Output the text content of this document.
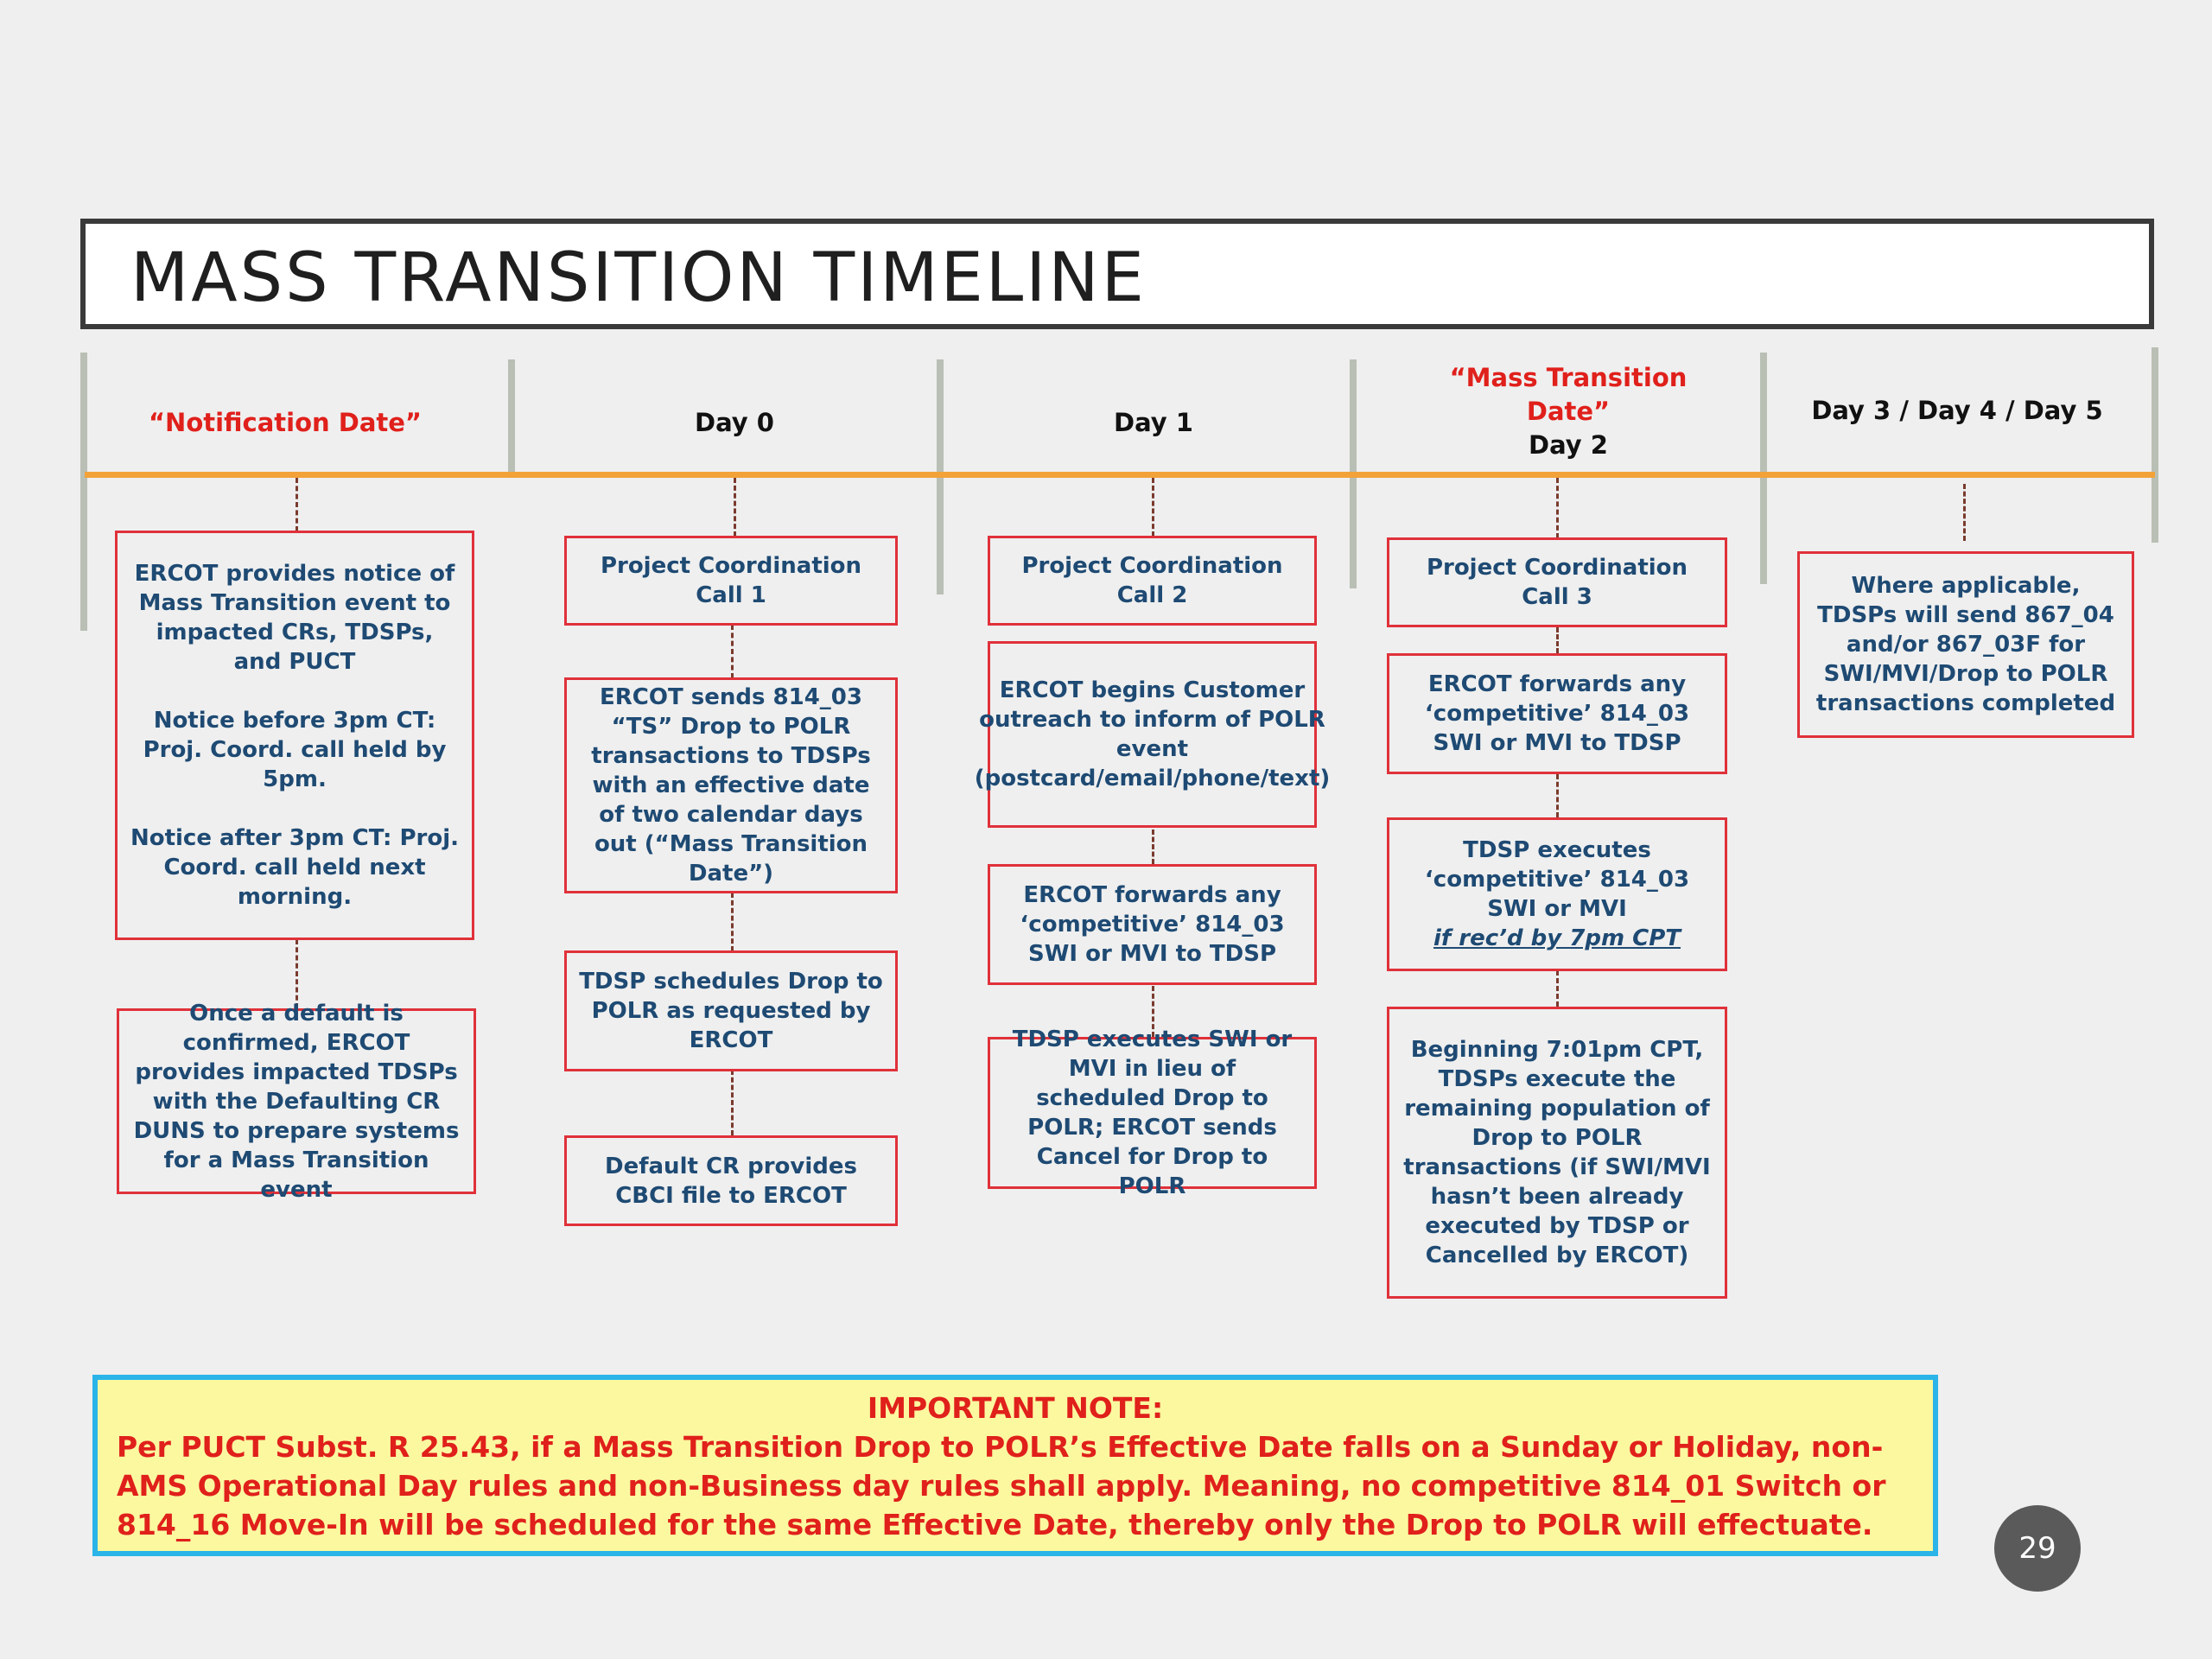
MASS TRANSITION TIMELINE
“Notification Date”	Day 0	Day 1
“Mass Transition Date”
Day 2
Day 3 / Day 4 / Day 5
ERCOT provides notice of Mass Transition event to impacted CRs, TDSPs, and PUCT

Notice before 3pm CT: Proj. Coord. call held by 5pm.

Notice after 3pm CT: Proj. Coord. call held next morning.
Once a default is confirmed, ERCOT provides impacted TDSPs with the Defaulting CR DUNS to prepare systems for a Mass Transition event
Project Coordination Call 1
ERCOT sends 814_03 “TS” Drop to POLR transactions to TDSPs with an effective date of two calendar days out (“Mass Transition Date”)
TDSP schedules Drop to POLR as requested by ERCOT
Default CR provides CBCI file to ERCOT
Project Coordination Call 2
ERCOT begins Customer outreach to inform of POLR event (postcard/email/phone/text)
ERCOT forwards any ‘competitive’ 814_03 SWI or MVI to TDSP
TDSP executes SWI or MVI in lieu of scheduled Drop to POLR; ERCOT sends Cancel for Drop to POLR
Project Coordination Call 3
ERCOT forwards any ‘competitive’ 814_03 SWI or MVI to TDSP

TDSP executes ‘competitive’ 814_03 SWI or MVI

if rec’d by 7pm CPT

Beginning 7:01pm CPT, TDSPs execute the remaining population of Drop to POLR transactions (if SWI/MVI hasn’t been already executed by TDSP or Cancelled by ERCOT)
Where applicable, TDSPs will send 867_04 and/or 867_03F for SWI/MVI/Drop to POLR transactions completed
IMPORTANT NOTE:
Per PUCT Subst. R 25.43, if a Mass Transition Drop to POLR’s Effective Date falls on a Sunday or Holiday, non-AMS Operational Day rules and non-Business day rules shall apply. Meaning, no competitive 814_01 Switch or 814_16 Move-In will be scheduled for the same Effective Date, thereby only the Drop to POLR will effectuate.
29
